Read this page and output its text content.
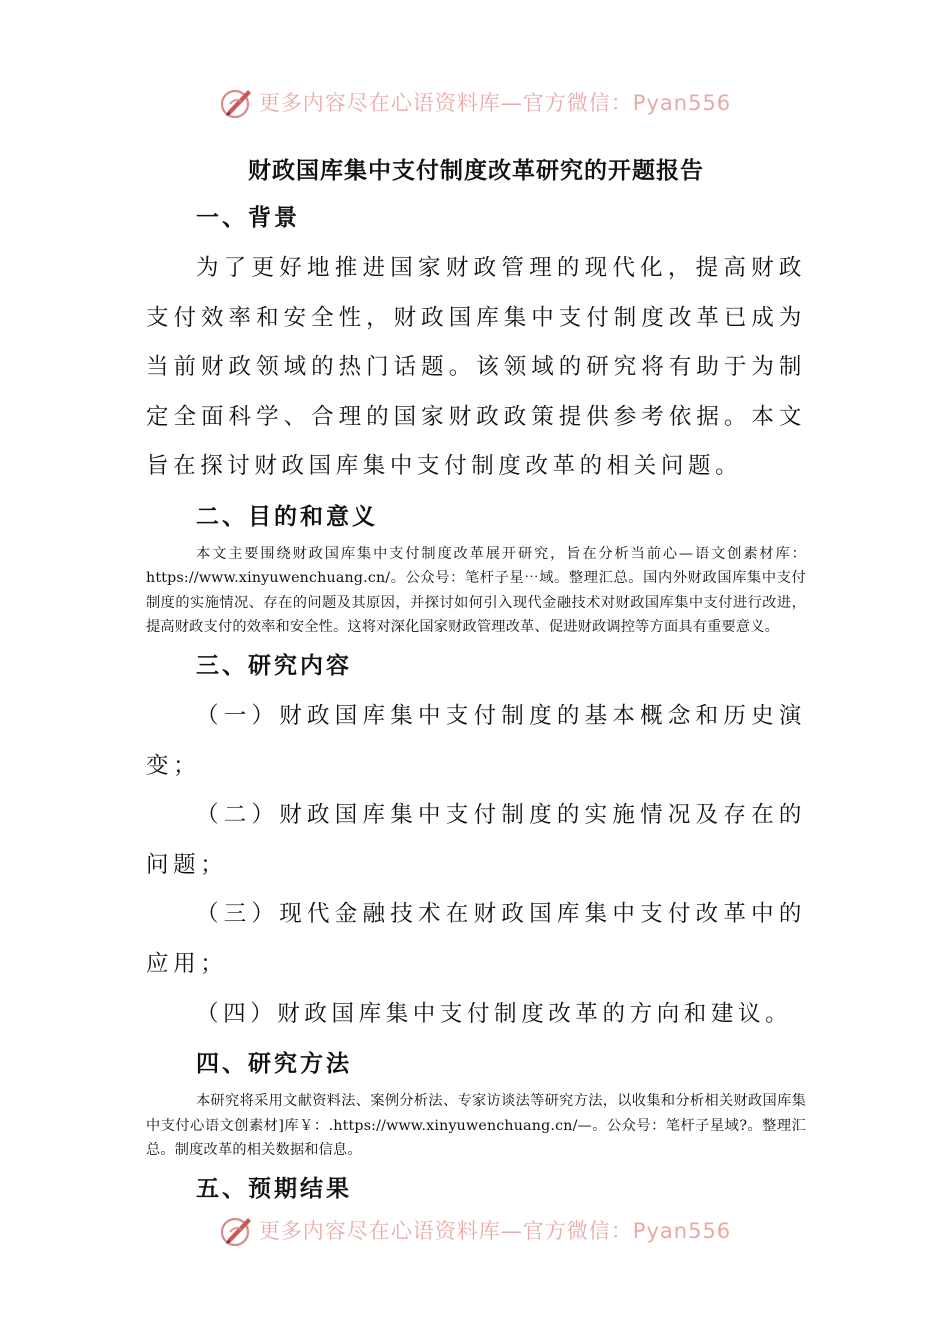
更多内容尽在心语资料库—官方微信：Pyan556
财政国库集中支付制度改革研究的开题报告
一、背景

为了更好地推进国家财政管理的现代化，提高财政支付效率和安全性，财政国库集中支付制度改革已成为当前财政领域的热门话题。该领域的研究将有助于为制定全面科学、合理的国家财政政策提供参考依据。本文旨在探讨财政国库集中支付制度改革的相关问题。

二、目的和意义

本文主要围绕财政国库集中支付制度改革展开研究，旨在分析当前心—语文创素材库：https://www.xinyuwenchuang.cn/。公众号：笔杆子星⋯域。整理汇总。国内外财政国库集中支付制度的实施情况、存在的问题及其原因，并探讨如何引入现代金融技术对财政国库集中支付进行改进，提高财政支付的效率和安全性。这将对深化国家财政管理改革、促进财政调控等方面具有重要意义。

三、研究内容

（一）财政国库集中支付制度的基本概念和历史演变；

（二）财政国库集中支付制度的实施情况及存在的问题；

（三）现代金融技术在财政国库集中支付改革中的应用；

（四）财政国库集中支付制度改革的方向和建议。

四、研究方法

本研究将采用文献资料法、案例分析法、专家访谈法等研究方法，以收集和分析相关财政国库集中支付心语文创素材]库￥：.https://www.xinyuwenchuang.cn/—。公众号：笔杆子星域?。整理汇总。制度改革的相关数据和信息。

五、预期结果
更多内容尽在心语资料库—官方微信：Pyan556
